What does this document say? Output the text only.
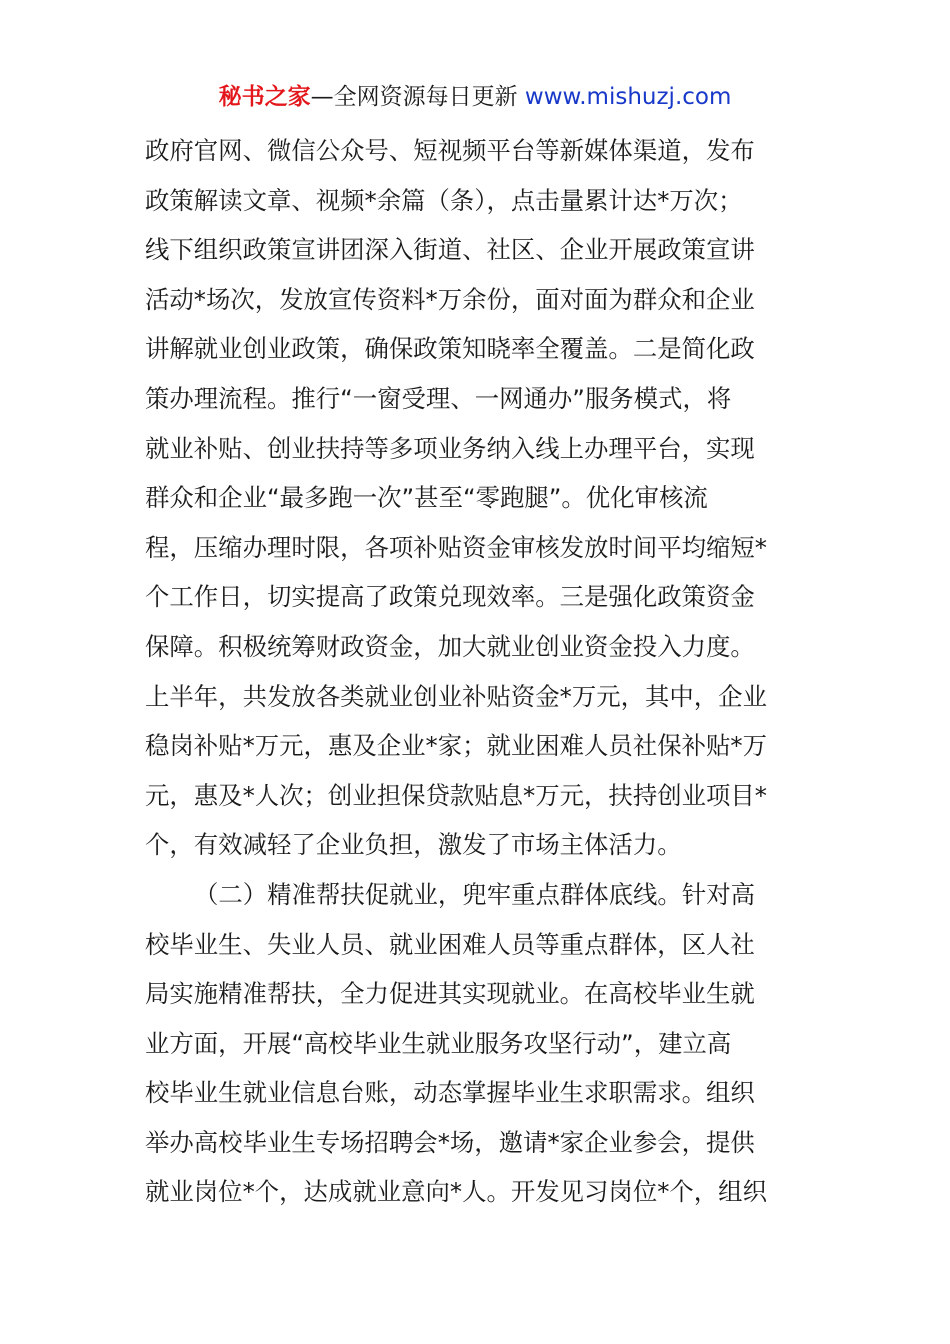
秘书之家—全网资源每日更新 www.mishuzj.com
政府官网、微信公众号、短视频平台等新媒体渠道，发布
政策解读文章、视频*余篇（条），点击量累计达*万次；
线下组织政策宣讲团深入街道、社区、企业开展政策宣讲
活动*场次，发放宣传资料*万余份，面对面为群众和企业
讲解就业创业政策，确保政策知晓率全覆盖。二是简化政
策办理流程。推行“一窗受理、一网通办”服务模式，将
就业补贴、创业扶持等多项业务纳入线上办理平台，实现
群众和企业“最多跑一次”甚至“零跑腿”。优化审核流
程，压缩办理时限，各项补贴资金审核发放时间平均缩短*
个工作日，切实提高了政策兑现效率。三是强化政策资金
保障。积极统筹财政资金，加大就业创业资金投入力度。
上半年，共发放各类就业创业补贴资金*万元，其中，企业
稳岗补贴*万元，惠及企业*家；就业困难人员社保补贴*万
元，惠及*人次；创业担保贷款贴息*万元，扶持创业项目*
个，有效减轻了企业负担，激发了市场主体活力。
（二）精准帮扶促就业，兜牢重点群体底线。针对高
校毕业生、失业人员、就业困难人员等重点群体，区人社
局实施精准帮扶，全力促进其实现就业。在高校毕业生就
业方面，开展“高校毕业生就业服务攻坚行动”，建立高
校毕业生就业信息台账，动态掌握毕业生求职需求。组织
举办高校毕业生专场招聘会*场，邀请*家企业参会，提供
就业岗位*个，达成就业意向*人。开发见习岗位*个，组织
